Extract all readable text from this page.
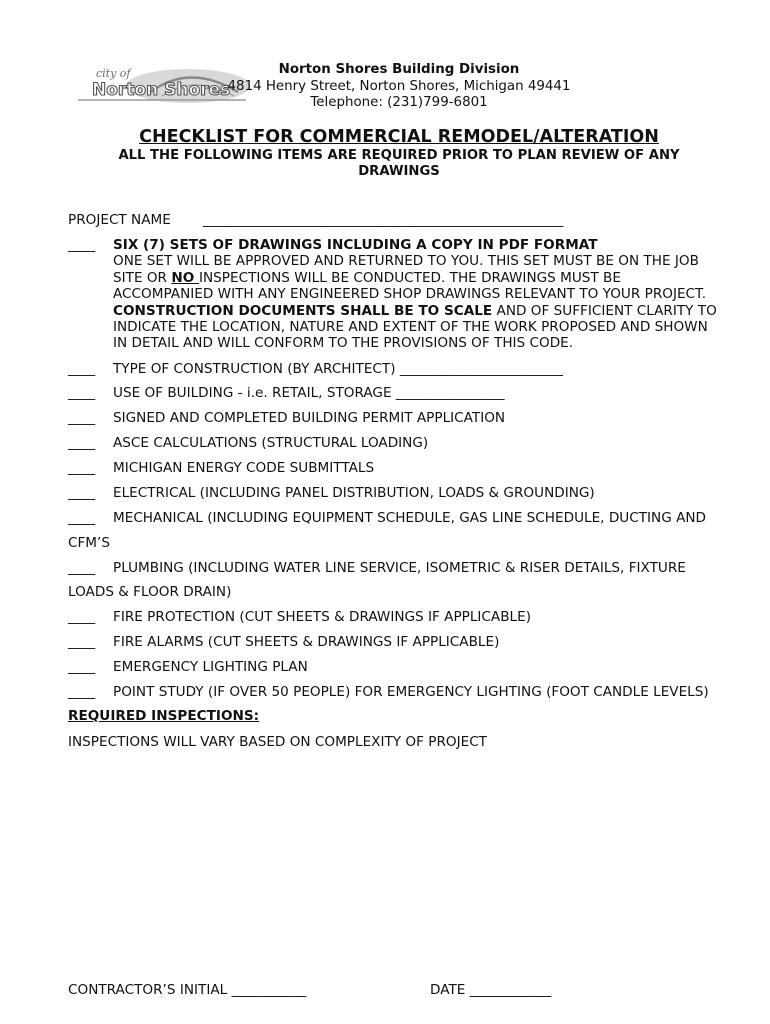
city of
Norton Shores
Norton Shores Building Division
4814 Henry Street, Norton Shores, Michigan 49441
Telephone: (231)799-6801
CHECKLIST FOR COMMERCIAL REMODEL/ALTERATION
ALL THE FOLLOWING ITEMS ARE REQUIRED PRIOR TO PLAN REVIEW OF ANY
DRAWINGS
PROJECT NAME _____________________________________________________
____ SIX (7) SETS OF DRAWINGS INCLUDING A COPY IN PDF FORMAT
ONE SET WILL BE APPROVED AND RETURNED TO YOU. THIS SET MUST BE ON THE JOB
SITE OR NO INSPECTIONS WILL BE CONDUCTED. THE DRAWINGS MUST BE
ACCOMPANIED WITH ANY ENGINEERED SHOP DRAWINGS RELEVANT TO YOUR PROJECT.
CONSTRUCTION DOCUMENTS SHALL BE TO SCALE AND OF SUFFICIENT CLARITY TO
INDICATE THE LOCATION, NATURE AND EXTENT OF THE WORK PROPOSED AND SHOWN
IN DETAIL AND WILL CONFORM TO THE PROVISIONS OF THIS CODE.
____ TYPE OF CONSTRUCTION (BY ARCHITECT) ________________________
____ USE OF BUILDING - i.e. RETAIL, STORAGE ________________
____ SIGNED AND COMPLETED BUILDING PERMIT APPLICATION
____ ASCE CALCULATIONS (STRUCTURAL LOADING)
____ MICHIGAN ENERGY CODE SUBMITTALS
____ ELECTRICAL (INCLUDING PANEL DISTRIBUTION, LOADS & GROUNDING)
____ MECHANICAL (INCLUDING EQUIPMENT SCHEDULE, GAS LINE SCHEDULE, DUCTING AND
CFM’S
____ PLUMBING (INCLUDING WATER LINE SERVICE, ISOMETRIC & RISER DETAILS, FIXTURE
LOADS & FLOOR DRAIN)
____ FIRE PROTECTION (CUT SHEETS & DRAWINGS IF APPLICABLE)
____ FIRE ALARMS (CUT SHEETS & DRAWINGS IF APPLICABLE)
____ EMERGENCY LIGHTING PLAN
____ POINT STUDY (IF OVER 50 PEOPLE) FOR EMERGENCY LIGHTING (FOOT CANDLE LEVELS)
REQUIRED INSPECTIONS:
INSPECTIONS WILL VARY BASED ON COMPLEXITY OF PROJECT
CONTRACTOR’S INITIAL ___________	DATE ____________
